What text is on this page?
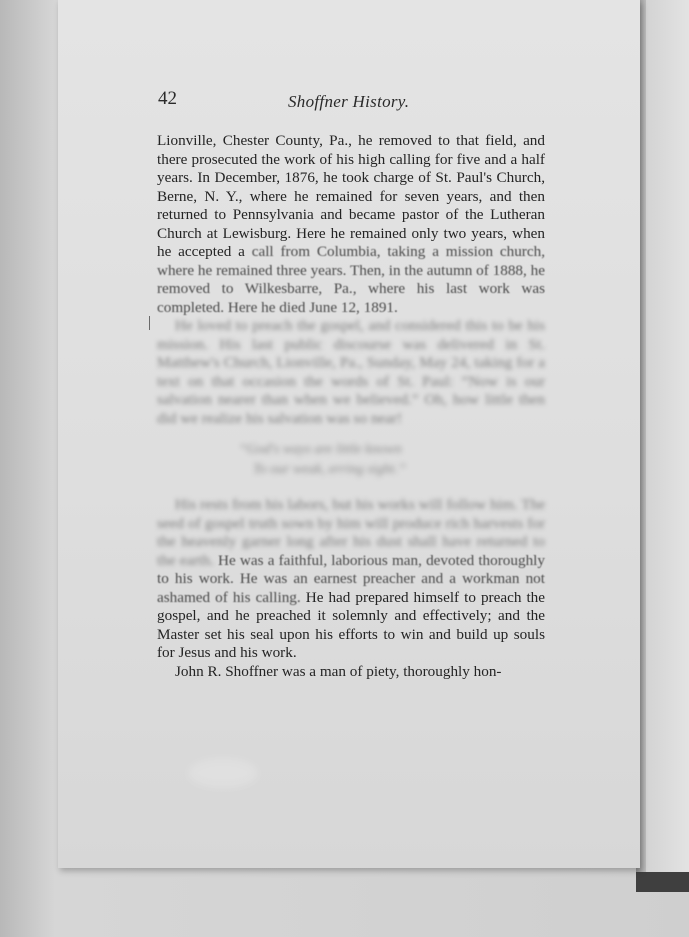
42	Shoffner History.

Lionville, Chester County, Pa., he removed to that field, and there prosecuted the work of his high calling for five and a half years. In December, 1876, he took charge of St. Paul's Church, Berne, N. Y., where he remained for seven years, and then returned to Pennsylvania and became pastor of the Lutheran Church at Lewisburg. Here he remained only two years, when he accepted a call from Columbia, taking a mission church, where he remained three years. Then, in the autumn of 1888, he removed to Wilkesbarre, Pa., where his last work was completed. Here he died June 12, 1891.

He loved to preach the gospel, and considered this to be his mission. His last public discourse was delivered in St. Matthew's Church, Lionville, Pa., Sunday, May 24, taking for a text on that occasion the words of St. Paul: “Now is our salvation nearer than when we believed.” Oh, how little then did we realize his salvation was so near!

“God's ways are little known
To our weak, erring sight.”

His rests from his labors, but his works will follow him. The seed of gospel truth sown by him will produce rich harvests for the heavenly garner long after his dust shall have returned to the earth. He was a faithful, laborious man, devoted thoroughly to his work. He was an earnest preacher and a workman not ashamed of his calling. He had prepared himself to preach the gospel, and he preached it solemnly and effectively; and the Master set his seal upon his efforts to win and build up souls for Jesus and his work.

John R. Shoffner was a man of piety, thoroughly hon-
